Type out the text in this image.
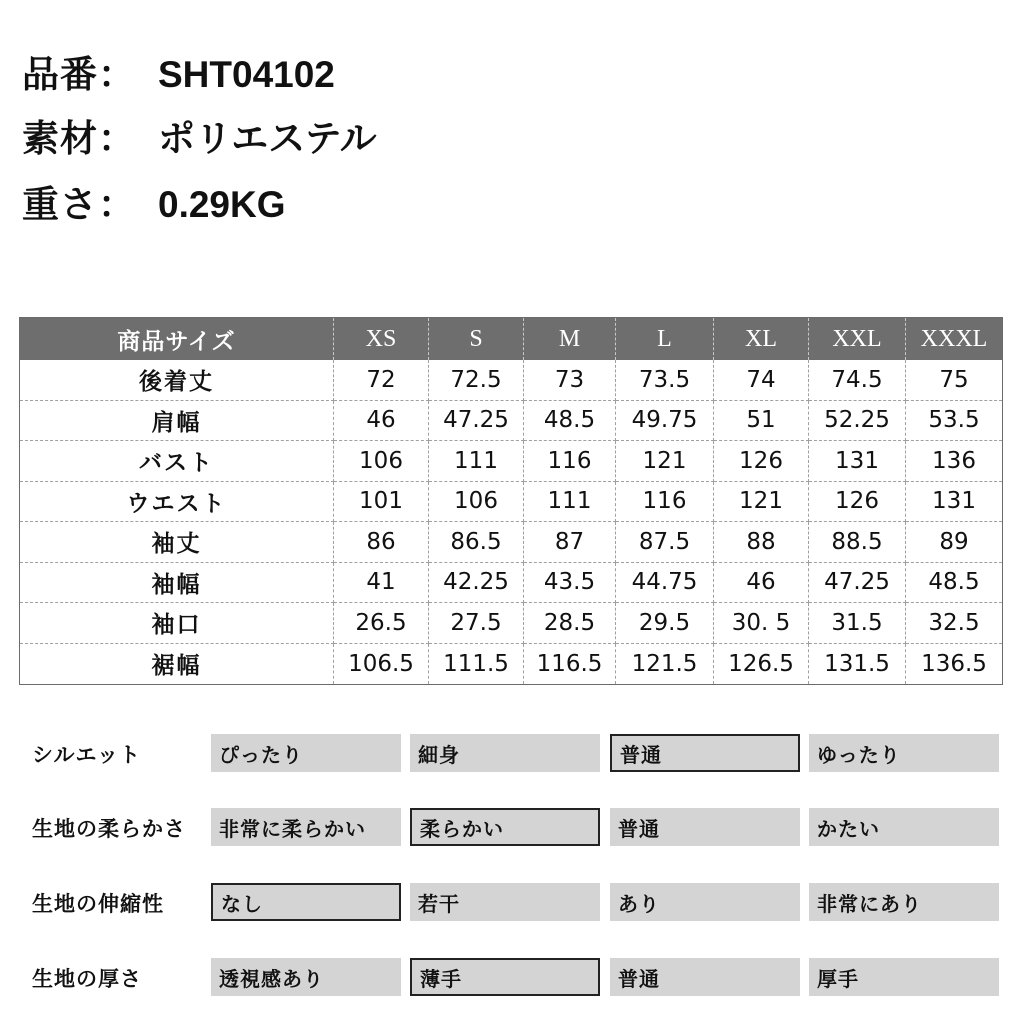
品番： SHT04102
素材： ポリエステル
重さ： 0.29KG
商品サイズ	XS	S	M	L	XL	XXL	XXXL
後着丈	72	72.5	73	73.5	74	74.5	75
肩幅	46	47.25	48.5	49.75	51	52.25	53.5
バスト	106	111	116	121	126	131	136
ウエスト	101	106	111	116	121	126	131
袖丈	86	86.5	87	87.5	88	88.5	89
袖幅	41	42.25	43.5	44.75	46	47.25	48.5
袖口	26.5	27.5	28.5	29.5	30. 5	31.5	32.5
裾幅	106.5	111.5	116.5	121.5	126.5	131.5	136.5
シルエット	ぴったり	細身	普通	ゆったり
生地の柔らかさ	非常に柔らかい	柔らかい	普通	かたい
生地の伸縮性	なし	若干	あり	非常にあり
生地の厚さ	透視感あり	薄手	普通	厚手
